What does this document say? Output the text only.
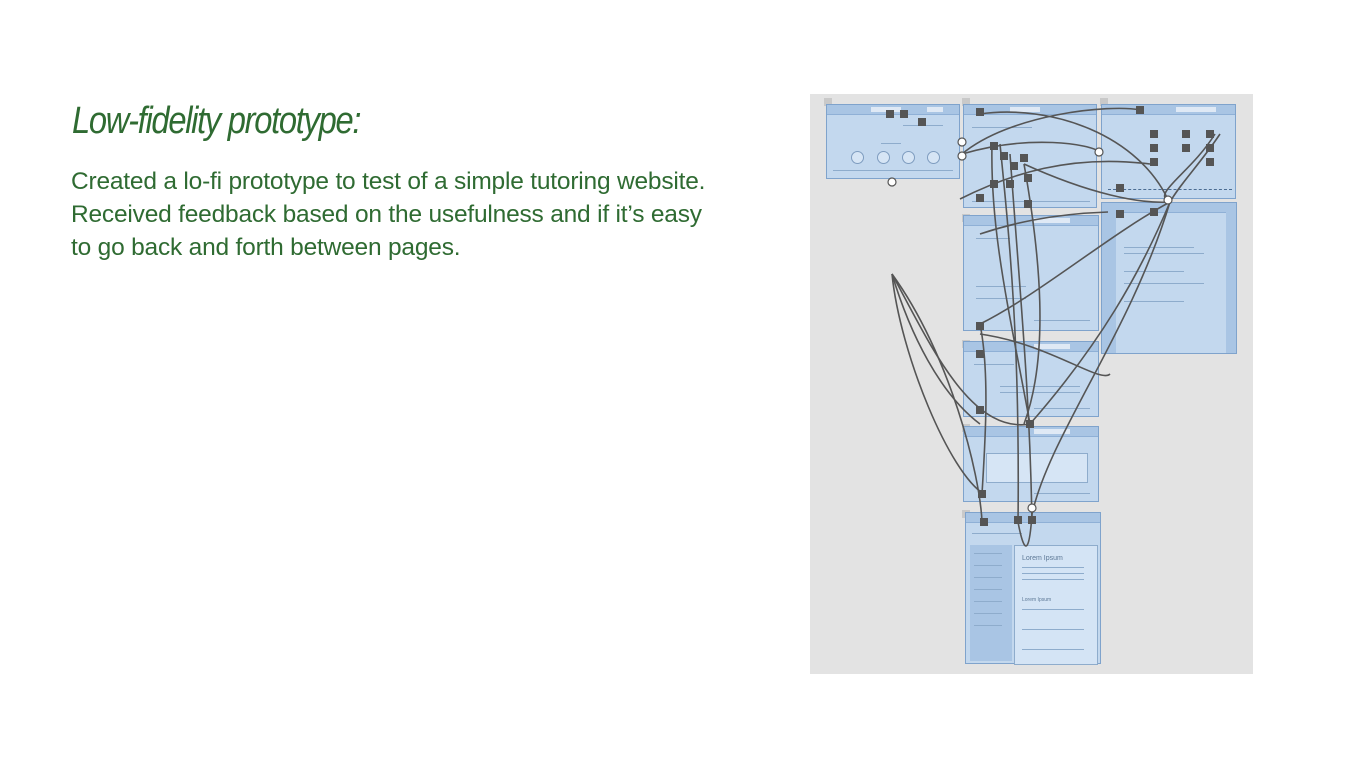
Low-fidelity prototype:
Created a lo-fi prototype to test of a simple tutoring website.
Received feedback based on the usefulness and if it’s easy
to go back and forth between pages.
Lorem Ipsum
Lorem Ipsum
